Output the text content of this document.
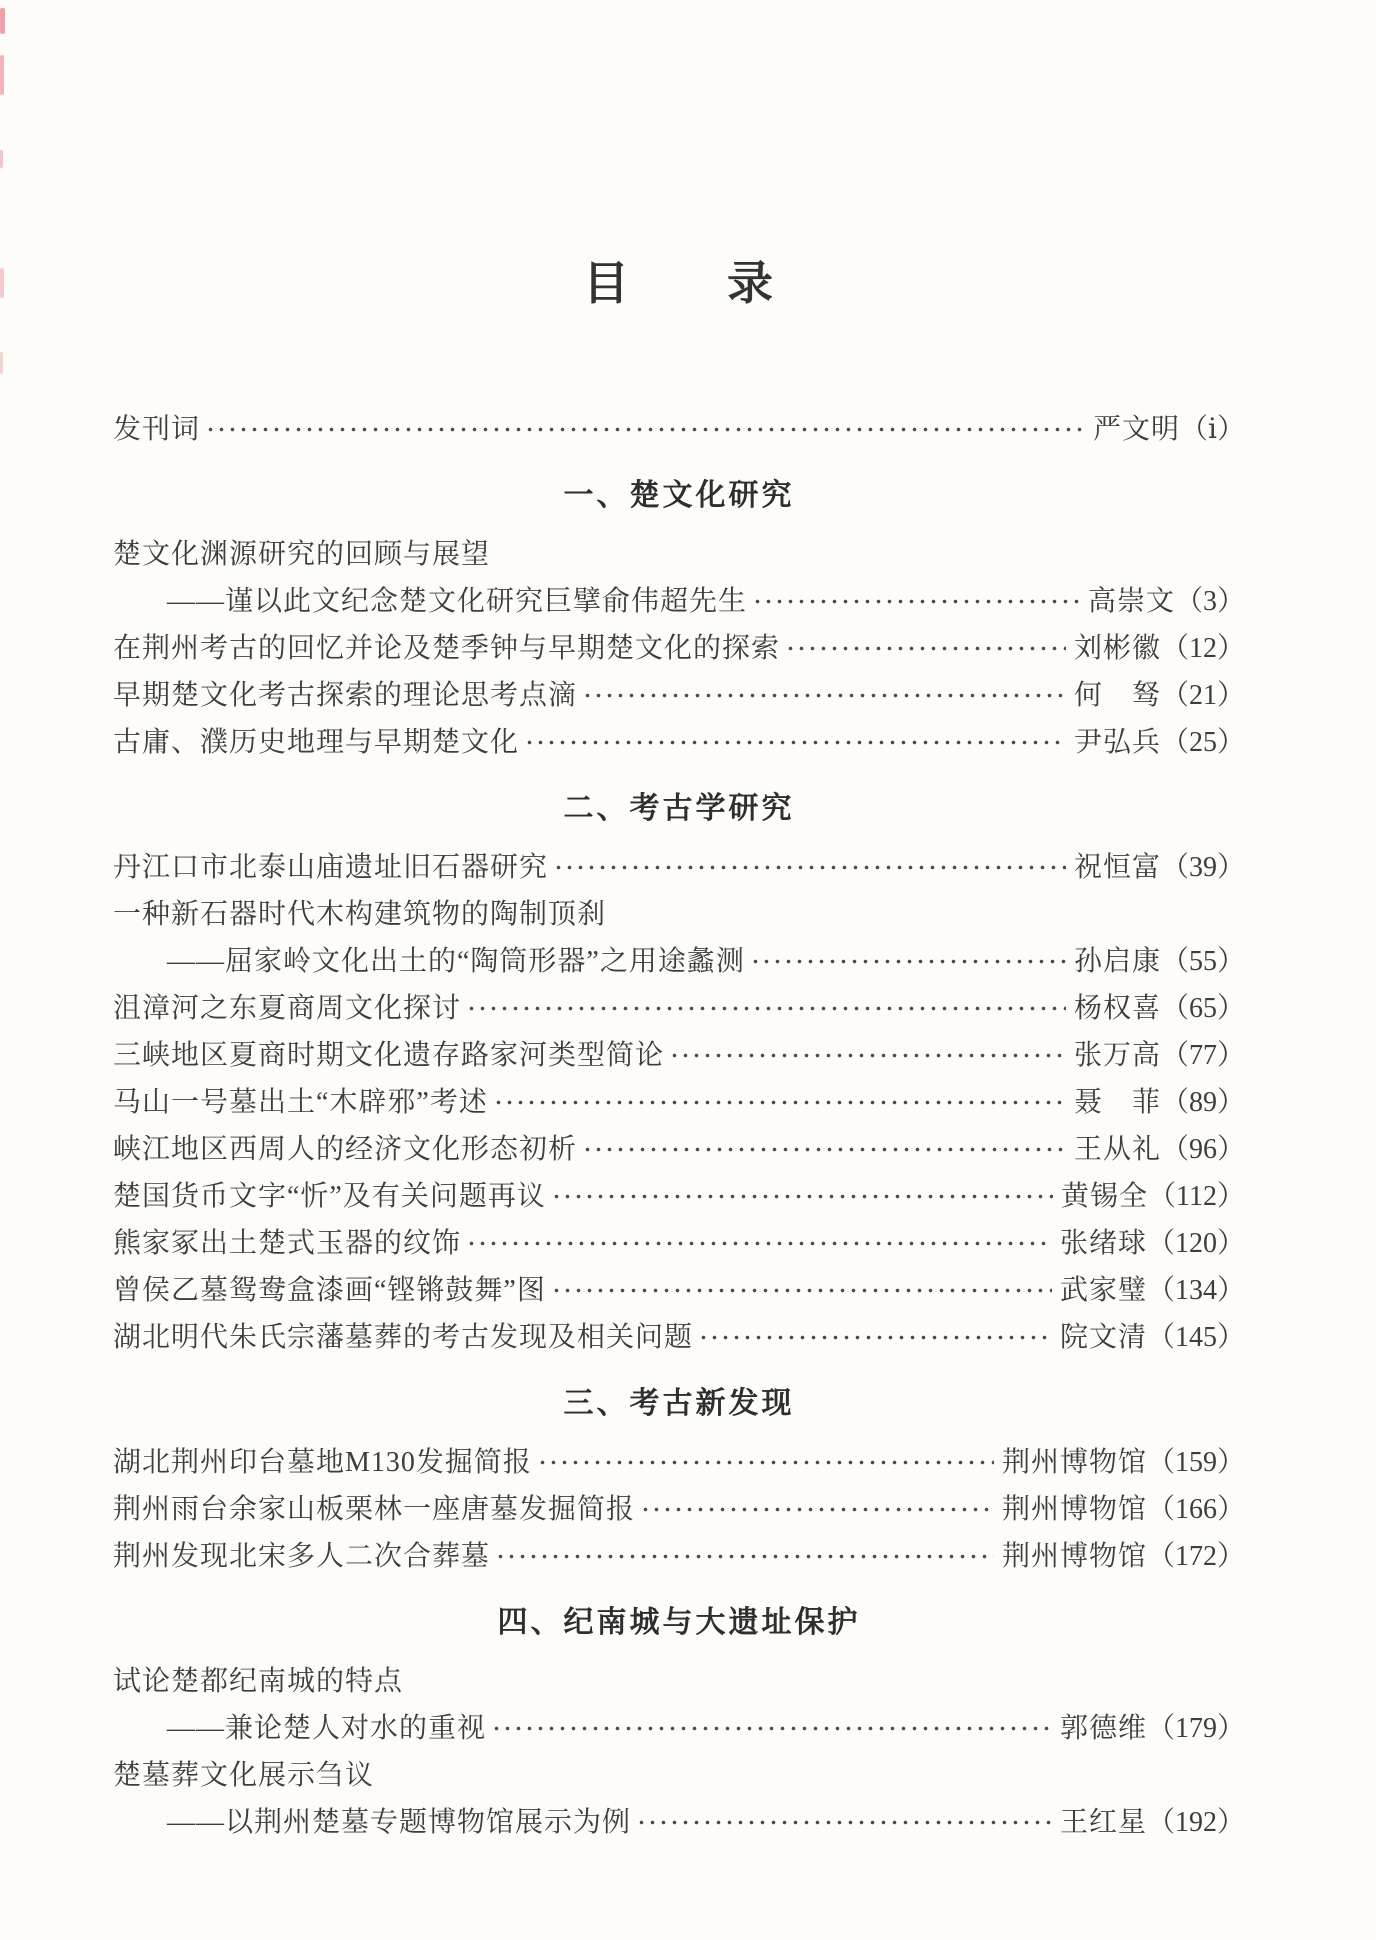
目　　录
发刊词	严文明（ⅰ）
一、楚文化研究
楚文化渊源研究的回顾与展望
——谨以此文纪念楚文化研究巨擘俞伟超先生	高崇文（3）
在荆州考古的回忆并论及楚季钟与早期楚文化的探索	刘彬徽（12）
早期楚文化考古探索的理论思考点滴	何　驽（21）
古庸、濮历史地理与早期楚文化	尹弘兵（25）
二、考古学研究
丹江口市北泰山庙遗址旧石器研究	祝恒富（39）
一种新石器时代木构建筑物的陶制顶刹
——屈家岭文化出土的“陶筒形器”之用途蠡测	孙启康（55）
沮漳河之东夏商周文化探讨	杨权喜（65）
三峡地区夏商时期文化遗存路家河类型简论	张万高（77）
马山一号墓出土“木辟邪”考述	聂　菲（89）
峡江地区西周人的经济文化形态初析	王从礼（96）
楚国货币文字“忻”及有关问题再议	黄锡全（112）
熊家冢出土楚式玉器的纹饰	张绪球（120）
曾侯乙墓鸳鸯盒漆画“铿锵鼓舞”图	武家璧（134）
湖北明代朱氏宗藩墓葬的考古发现及相关问题	院文清（145）
三、考古新发现
湖北荆州印台墓地M130发掘简报	荆州博物馆（159）
荆州雨台余家山板栗林一座唐墓发掘简报	荆州博物馆（166）
荆州发现北宋多人二次合葬墓	荆州博物馆（172）
四、纪南城与大遗址保护
试论楚都纪南城的特点
——兼论楚人对水的重视	郭德维（179）
楚墓葬文化展示刍议
——以荆州楚墓专题博物馆展示为例	王红星（192）
